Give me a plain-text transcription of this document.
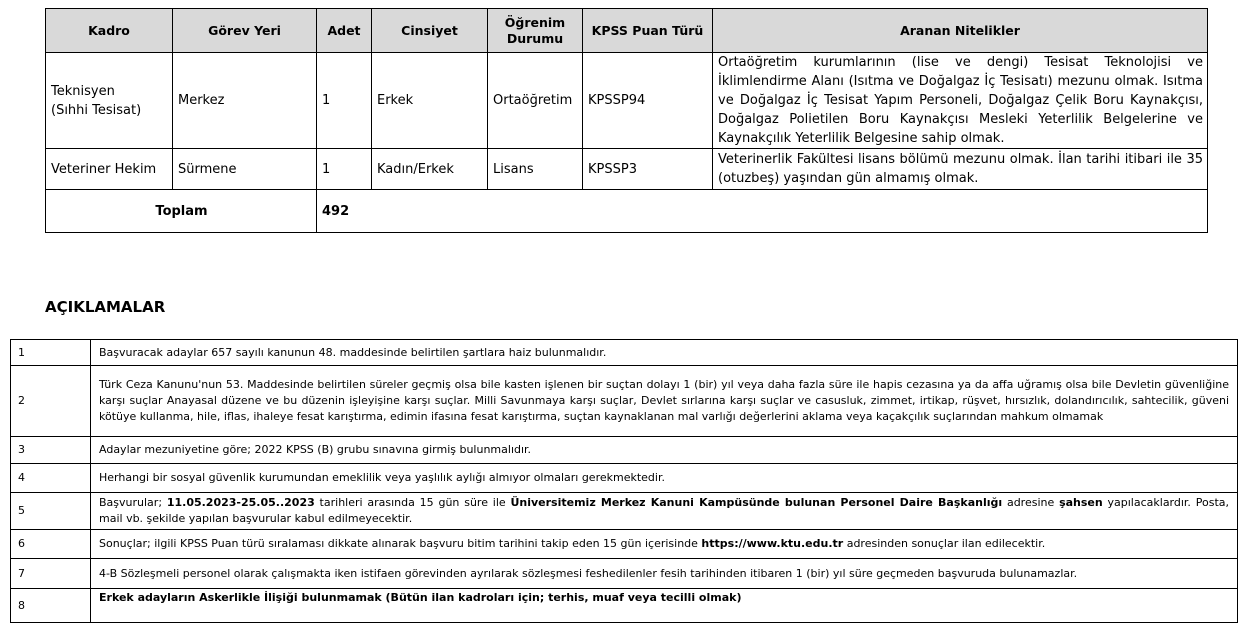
Kadro	Görev Yeri	Adet	Cinsiyet	Öğrenim Durumu	KPSS Puan Türü	Aranan Nitelikler
Teknisyen (Sıhhi Tesisat)	Merkez	1	Erkek	Ortaöğretim	KPSSP94	Ortaöğretim kurumlarının (lise ve dengi) Tesisat Teknolojisi ve İklimlendirme Alanı (Isıtma ve Doğalgaz İç Tesisatı) mezunu olmak. Isıtma ve Doğalgaz İç Tesisat Yapım Personeli, Doğalgaz Çelik Boru Kaynakçısı, Doğalgaz Polietilen Boru Kaynakçısı Mesleki Yeterlilik Belgelerine ve Kaynakçılık Yeterlilik Belgesine sahip olmak.
Veteriner Hekim	Sürmene	1	Kadın/Erkek	Lisans	KPSSP3	Veterinerlik Fakültesi lisans bölümü mezunu olmak. İlan tarihi itibari ile 35 (otuzbeş) yaşından gün almamış olmak.
Toplam		492				
AÇIKLAMALAR
1	Başvuracak adaylar 657 sayılı kanunun 48. maddesinde belirtilen şartlara haiz bulunmalıdır.
2	Türk Ceza Kanunu'nun 53. Maddesinde belirtilen süreler geçmiş olsa bile kasten işlenen bir suçtan dolayı 1 (bir) yıl veya daha fazla süre ile hapis cezasına ya da affa uğramış olsa bile Devletin güvenliğine karşı suçlar Anayasal düzene ve bu düzenin işleyişine karşı suçlar. Milli Savunmaya karşı suçlar, Devlet sırlarına karşı suçlar ve casusluk, zimmet, irtikap, rüşvet, hırsızlık, dolandırıcılık, sahtecilik, güveni kötüye kullanma, hile, iflas, ihaleye fesat karıştırma, edimin ifasına fesat karıştırma, suçtan kaynaklanan mal varlığı değerlerini aklama veya kaçakçılık suçlarından mahkum olmamak
3	Adaylar mezuniyetine göre; 2022 KPSS (B) grubu sınavına girmiş bulunmalıdır.
4	Herhangi bir sosyal güvenlik kurumundan emeklilik veya yaşlılık aylığı almıyor olmaları gerekmektedir.
5	Başvurular; 11.05.2023-25.05..2023 tarihleri arasında 15 gün süre ile Üniversitemiz Merkez Kanuni Kampüsünde bulunan Personel Daire Başkanlığı adresine şahsen yapılacaklardır. Posta, mail vb. şekilde yapılan başvurular kabul edilmeyecektir.
6	Sonuçlar; ilgili KPSS Puan türü sıralaması dikkate alınarak başvuru bitim tarihini takip eden 15 gün içerisinde https://www.ktu.edu.tr adresinden sonuçlar ilan edilecektir.
7	4-B Sözleşmeli personel olarak çalışmakta iken istifaen görevinden ayrılarak sözleşmesi feshedilenler fesih tarihinden itibaren 1 (bir) yıl süre geçmeden başvuruda bulunamazlar.
8	Erkek adayların Askerlikle İlişiği bulunmamak (Bütün ilan kadroları için; terhis, muaf veya tecilli olmak)
